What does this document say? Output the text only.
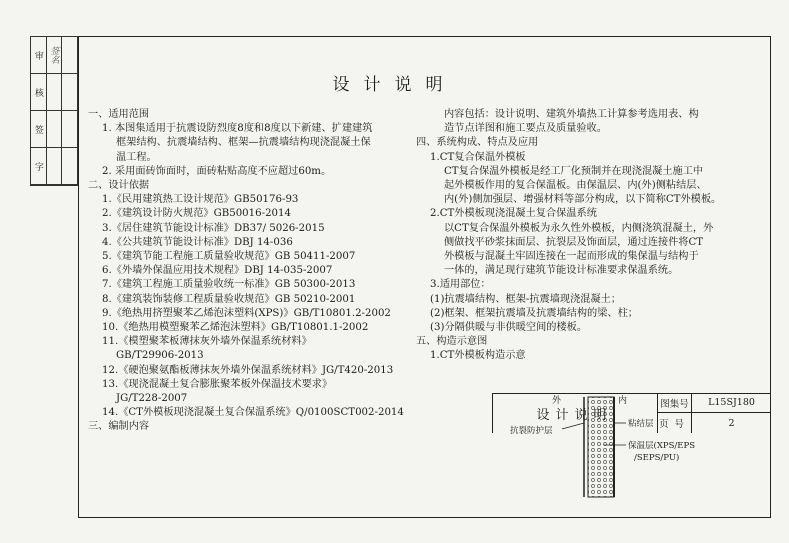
审 签名
核
签
字
设计说明
一、适用范围
1. 本图集适用于抗震设防烈度8度和8度以下新建、扩建建筑
框架结构、抗震墙结构、框架—抗震墙结构现浇混凝土保
温工程。
2. 采用面砖饰面时，面砖粘贴高度不应超过60m。
二、设计依据
1.《民用建筑热工设计规范》GB50176-93
2.《建筑设计防火规范》GB50016-2014
3.《居住建筑节能设计标准》DB37/ 5026-2015
4.《公共建筑节能设计标准》DBJ 14-036
5.《建筑节能工程施工质量验收规范》GB 50411-2007
6.《外墙外保温应用技术规程》DBJ 14-035-2007
7.《建筑工程施工质量验收统一标准》GB 50300-2013
8.《建筑装饰装修工程质量验收规范》GB 50210-2001
9.《绝热用挤塑聚苯乙烯泡沫塑料(XPS)》GB/T10801.2-2002
10.《绝热用模塑聚苯乙烯泡沫塑料》GB/T10801.1-2002
11.《模塑聚苯板薄抹灰外墙外保温系统材料》
GB/T29906-2013
12.《硬泡聚氨酯板薄抹灰外墙外保温系统材料》JG/T420-2013
13.《现浇混凝土复合膨胀聚苯板外保温技术要求》
JG/T228-2007
14.《CT外模板现浇混凝土复合保温系统》Q/0100SCT002-2014
三、编制内容
内容包括：设计说明、建筑外墙热工计算参考选用表、构
造节点详图和施工要点及质量验收。
四、系统构成、特点及应用
1.CT复合保温外模板
CT复合保温外模板是经工厂化预制并在现浇混凝土施工中
起外模板作用的复合保温板。由保温层、内(外)侧粘结层、
内(外)侧加强层、增强材料等部分构成，以下简称CT外模板。
2.CT外模板现浇混凝土复合保温系统
以CT复合保温外模板为永久性外模板，内侧浇筑混凝土，外
侧做找平砂浆抹面层、抗裂层及饰面层，通过连接件将CT
外模板与混凝土牢固连接在一起而形成的集保温与结构于
一体的，满足现行建筑节能设计标准要求保温系统。
3.适用部位：
(1)抗震墙结构、框架-抗震墙现浇混凝土；
(2)框架、框架抗震墙及抗震墙结构的梁、柱；
(3)分隔供暖与非供暖空间的楼板。
五、构造示意图
1.CT外模板构造示意
外	内
抗裂防护层
粘结层
保温层(XPS/EPS
/SEPS/PU)
设计说明
图集号	L15SJ180
页号	2
